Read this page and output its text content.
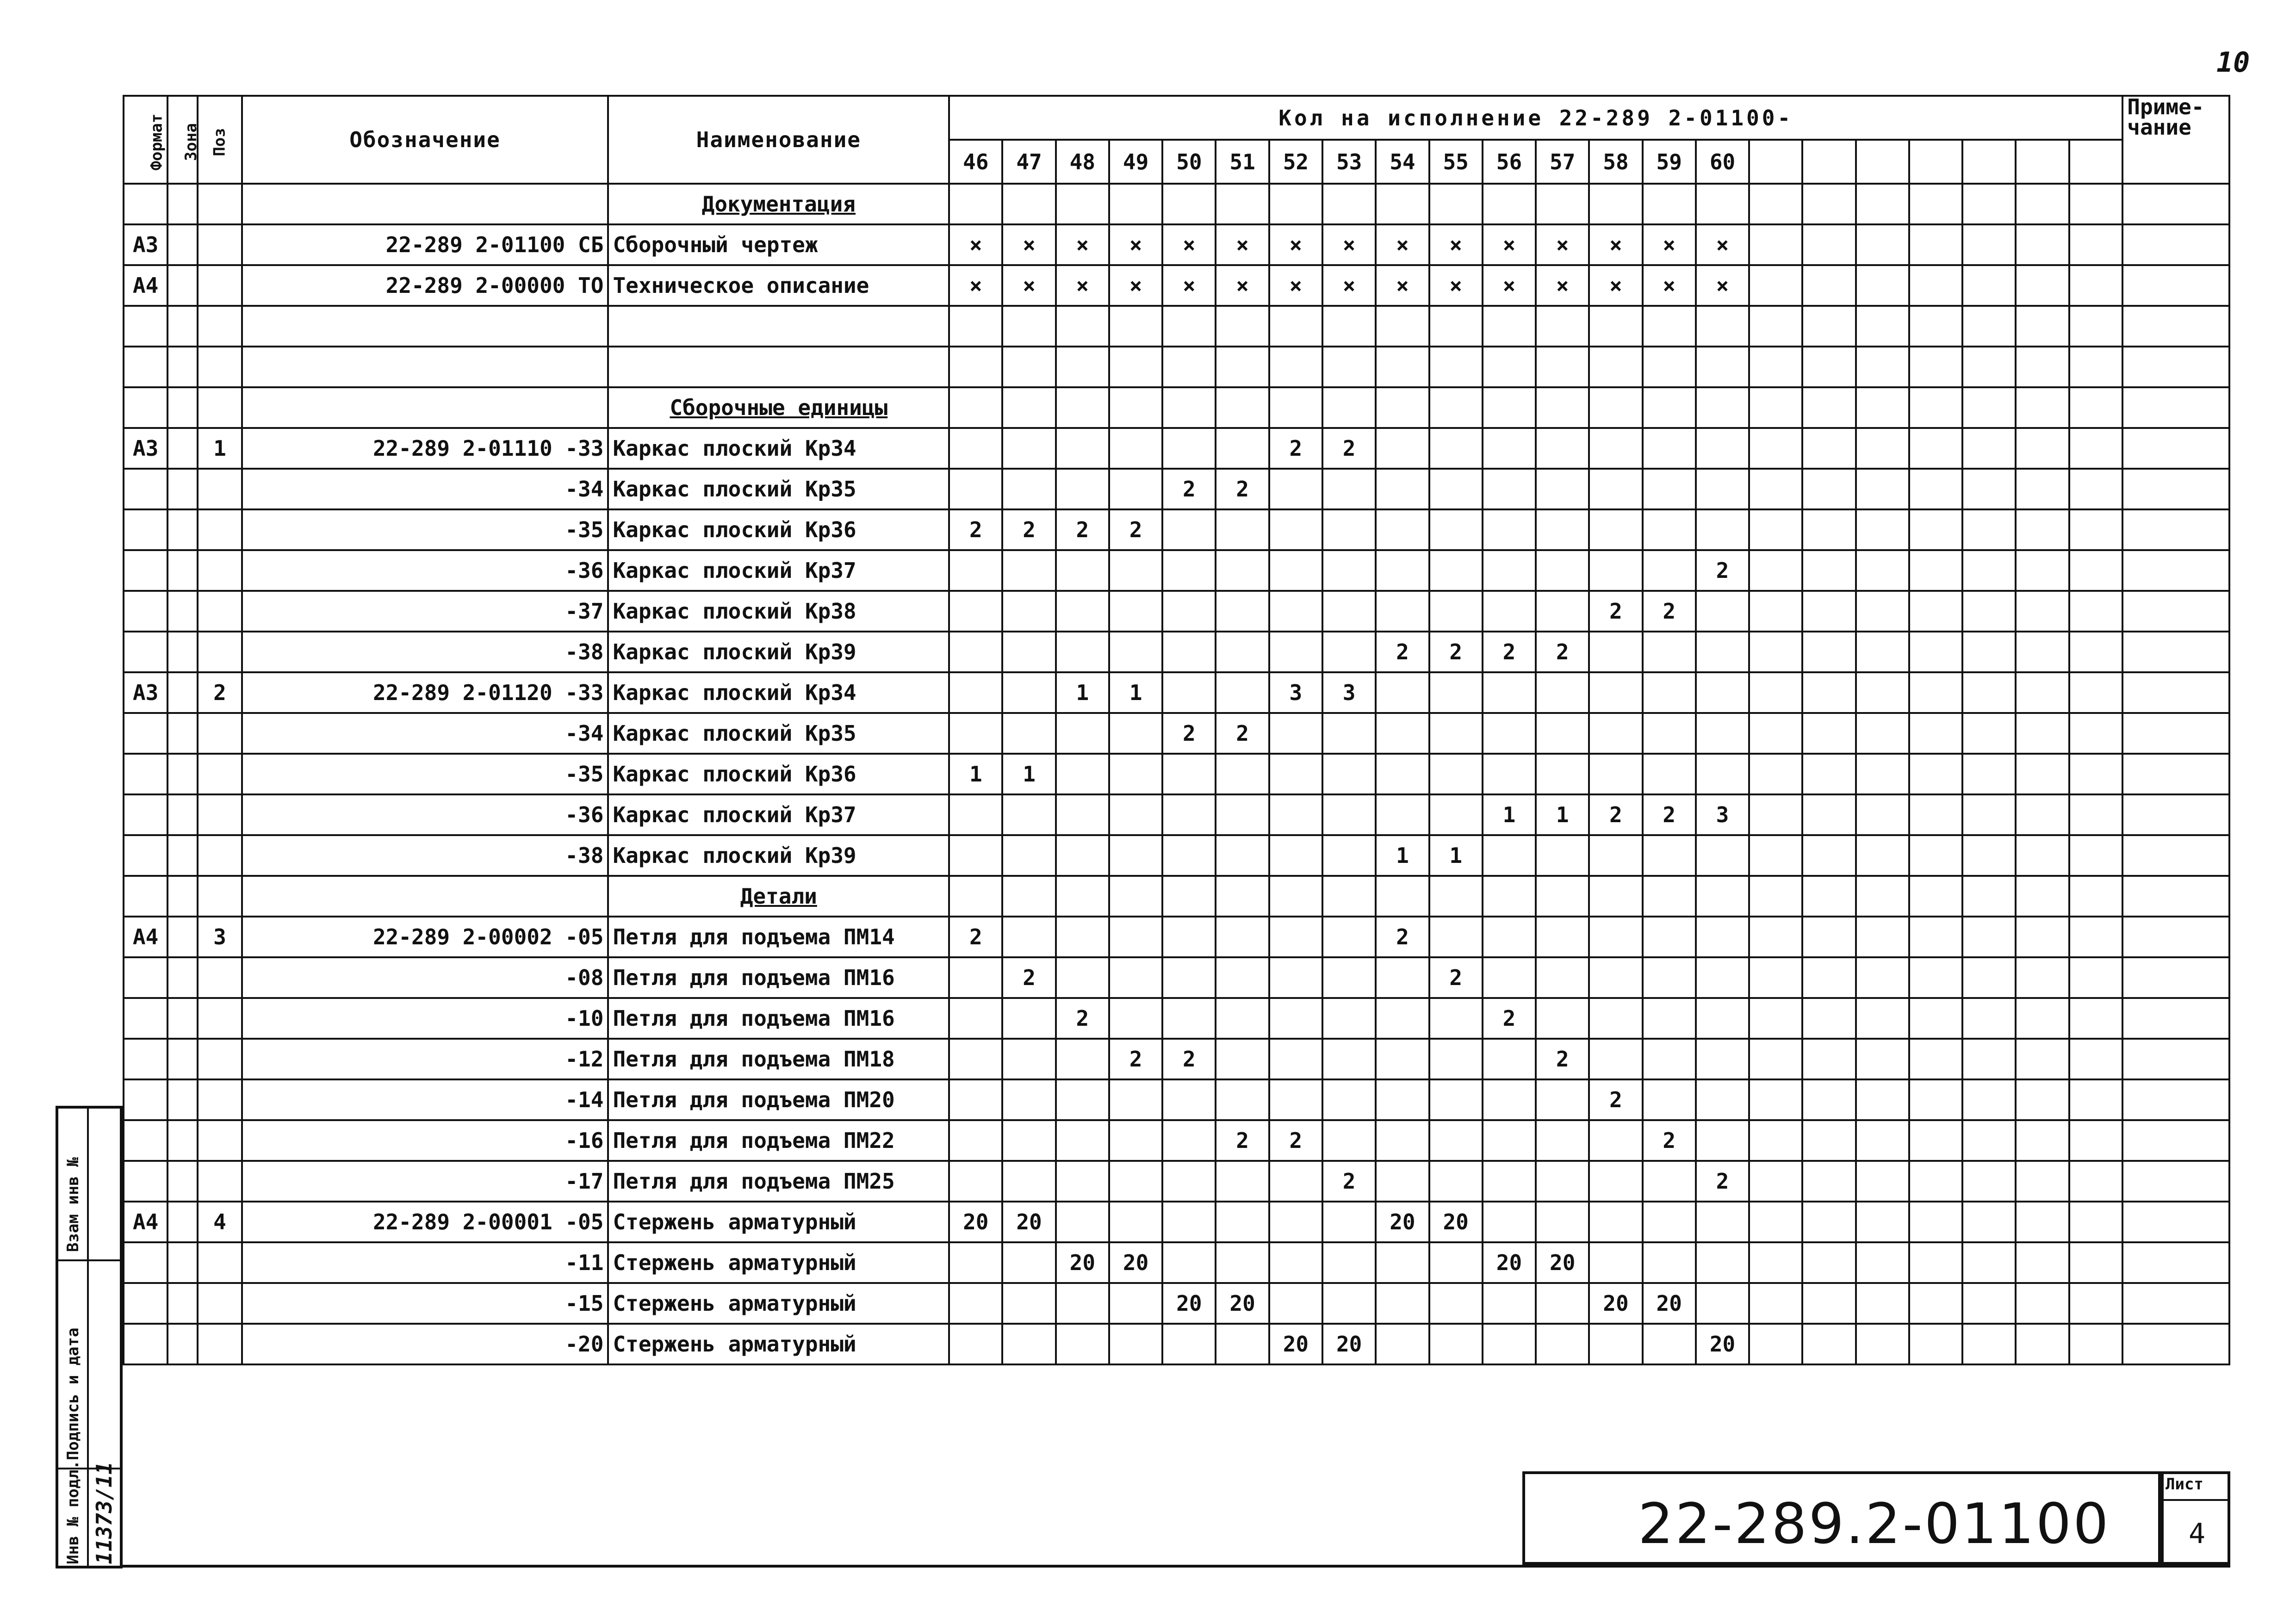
10
Формат	Зона	Поз	Обозначение	Наименование	Кол на исполнение 22-289 2-01100-																						Приме-чание
					46	47	48	49	50	51	52	53	54	55	56	57	58	59	60								
				Документация																							
А3			22-289 2-01100 СБ	Сборочный чертеж	×	×	×	×	×	×	×	×	×	×	×	×	×	×	×								
А4			22-289 2-00000 ТО	Техническое описание	×	×	×	×	×	×	×	×	×	×	×	×	×	×	×								

				Сборочные единицы																							
А3		1	22-289 2-01110 -33	Каркас плоский Кр34							2	2															
			-34	Каркас плоский Кр35					2	2																	
			-35	Каркас плоский Кр36	2	2	2	2																			
			-36	Каркас плоский Кр37															2								
			-37	Каркас плоский Кр38													2	2									
			-38	Каркас плоский Кр39									2	2	2	2											
А3		2	22-289 2-01120 -33	Каркас плоский Кр34			1	1			3	3															
			-34	Каркас плоский Кр35					2	2																	
			-35	Каркас плоский Кр36	1	1																					
			-36	Каркас плоский Кр37											1	1	2	2	3								
			-38	Каркас плоский Кр39									1	1													
				Детали																							
А4		3	22-289 2-00002 -05	Петля для подъема ПМ14	2								2														
			-08	Петля для подъема ПМ16		2								2													
			-10	Петля для подъема ПМ16			2								2												
			-12	Петля для подъема ПМ18				2	2							2											
			-14	Петля для подъема ПМ20													2										
			-16	Петля для подъема ПМ22						2	2							2									
			-17	Петля для подъема ПМ25								2							2								
А4		4	22-289 2-00001 -05	Стержень арматурный	20	20							20	20													
			-11	Стержень арматурный			20	20							20	20											
			-15	Стержень арматурный					20	20							20	20									
			-20	Стержень арматурный							20	20							20								
Взам инв №
Подпись и дата
Инв № подл. 11373/11	22-289.2-01100
Лист
4
